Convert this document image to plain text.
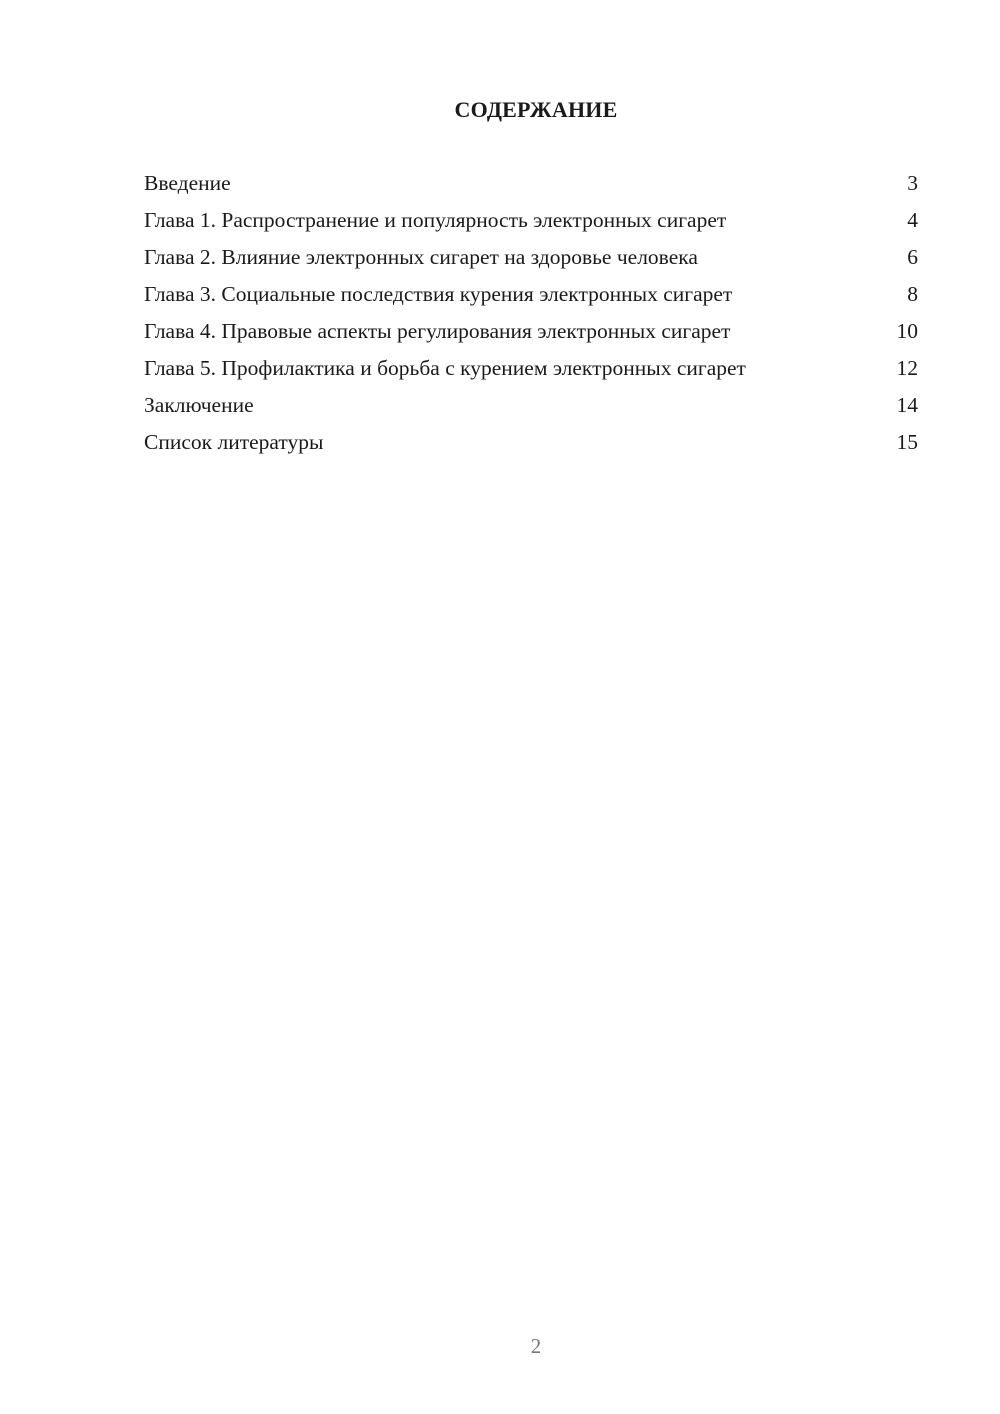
СОДЕРЖАНИЕ
Введение	3
Глава 1. Распространение и популярность электронных сигарет	4
Глава 2. Влияние электронных сигарет на здоровье человека	6
Глава 3. Социальные последствия курения электронных сигарет	8
Глава 4. Правовые аспекты регулирования электронных сигарет	10
Глава 5. Профилактика и борьба с курением электронных сигарет	12
Заключение	14
Список литературы	15
2
